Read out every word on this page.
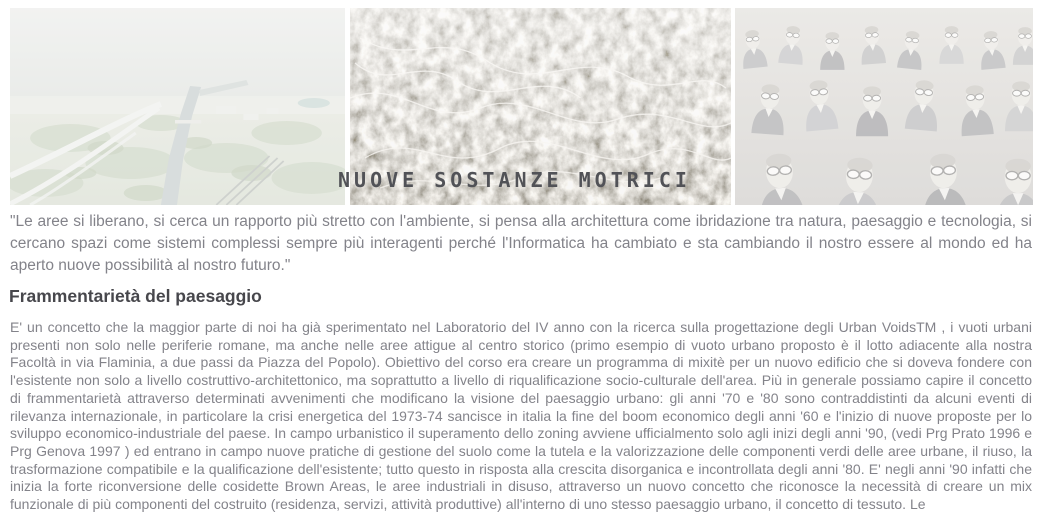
NUOVE SOSTANZE MOTRICI

"Le aree si liberano, si cerca un rapporto più stretto con l'ambiente, si pensa alla architettura come ibridazione tra natura, paesaggio e tecnologia, si cercano spazi come sistemi complessi sempre più interagenti perché l'Informatica ha cambiato e sta cambiando il nostro essere al mondo ed ha aperto nuove possibilità al nostro futuro."

Frammentarietà del paesaggio

E' un concetto che la maggior parte di noi ha già sperimentato nel Laboratorio del IV anno con la ricerca sulla progettazione degli Urban VoidsTM , i vuoti urbani presenti non solo nelle periferie romane, ma anche nelle aree attigue al centro storico (primo esempio di vuoto urbano proposto è il lotto adiacente alla nostra Facoltà in via Flaminia, a due passi da Piazza del Popolo). Obiettivo del corso era creare un programma di mixitè per un nuovo edificio che si doveva fondere con l'esistente non solo a livello costruttivo-architettonico, ma soprattutto a livello di riqualificazione socio-culturale dell'area. Più in generale possiamo capire il concetto di frammentarietà attraverso determinati avvenimenti che modificano la visione del paesaggio urbano: gli anni '70 e '80 sono contraddistinti da alcuni eventi di rilevanza internazionale, in particolare la crisi energetica del 1973-74 sancisce in italia la fine del boom economico degli anni '60 e l'inizio di nuove proposte per lo sviluppo economico-industriale del paese. In campo urbanistico il superamento dello zoning avviene ufficialmento solo agli inizi degli anni '90, (vedi Prg Prato 1996 e Prg Genova 1997 ) ed entrano in campo nuove pratiche di gestione del suolo come la tutela e la valorizzazione delle componenti verdi delle aree urbane, il riuso, la trasformazione compatibile e la qualificazione dell'esistente; tutto questo in risposta alla crescita disorganica e incontrollata degli anni '80. E' negli anni '90 infatti che inizia la forte riconversione delle cosidette Brown Areas, le aree industriali in disuso, attraverso un nuovo concetto che riconosce la necessità di creare un mix funzionale di più componenti del costruito (residenza, servizi, attività produttive) all'interno di uno stesso paesaggio urbano, il concetto di tessuto. Le
